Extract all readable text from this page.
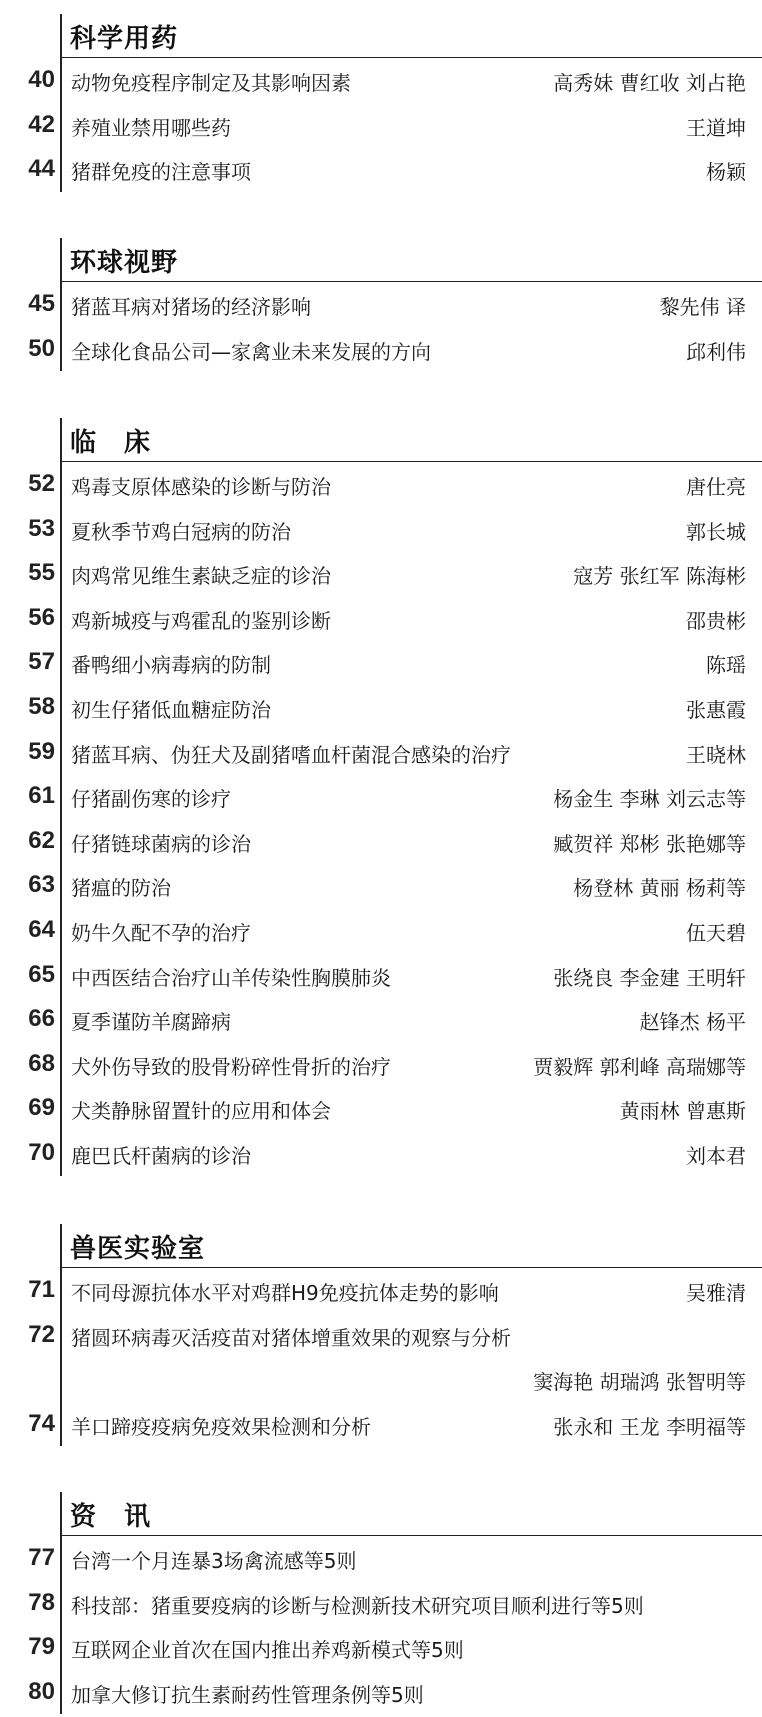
科学用药
40 动物免疫程序制定及其影响因素	高秀妹 曹红收 刘占艳
42 养殖业禁用哪些药	王道坤
44 猪群免疫的注意事项	杨颖
环球视野
45 猪蓝耳病对猪场的经济影响	黎先伟 译
50 全球化食品公司—家禽业未来发展的方向	邱利伟
临　床
52 鸡毒支原体感染的诊断与防治	唐仕亮
53 夏秋季节鸡白冠病的防治	郭长城
55 肉鸡常见维生素缺乏症的诊治	寇芳 张红军 陈海彬
56 鸡新城疫与鸡霍乱的鉴别诊断	邵贵彬
57 番鸭细小病毒病的防制	陈瑶
58 初生仔猪低血糖症防治	张惠霞
59 猪蓝耳病、伪狂犬及副猪嗜血杆菌混合感染的治疗	王晓林
61 仔猪副伤寒的诊疗	杨金生 李琳 刘云志等
62 仔猪链球菌病的诊治	臧贺祥 郑彬 张艳娜等
63 猪瘟的防治	杨登林 黄丽 杨莉等
64 奶牛久配不孕的治疗	伍天碧
65 中西医结合治疗山羊传染性胸膜肺炎	张绕良 李金建 王明轩
66 夏季谨防羊腐蹄病	赵锋杰 杨平
68 犬外伤导致的股骨粉碎性骨折的治疗	贾毅辉 郭利峰 高瑞娜等
69 犬类静脉留置针的应用和体会	黄雨林 曾惠斯
70 鹿巴氏杆菌病的诊治	刘本君
兽医实验室
71 不同母源抗体水平对鸡群H9免疫抗体走势的影响	吴雅清
72 猪圆环病毒灭活疫苗对猪体增重效果的观察与分析
窦海艳 胡瑞鸿 张智明等
74 羊口蹄疫疫病免疫效果检测和分析	张永和 王龙 李明福等
资　讯
77 台湾一个月连暴3场禽流感等5则
78 科技部：猪重要疫病的诊断与检测新技术研究项目顺利进行等5则
79 互联网企业首次在国内推出养鸡新模式等5则
80 加拿大修订抗生素耐药性管理条例等5则
